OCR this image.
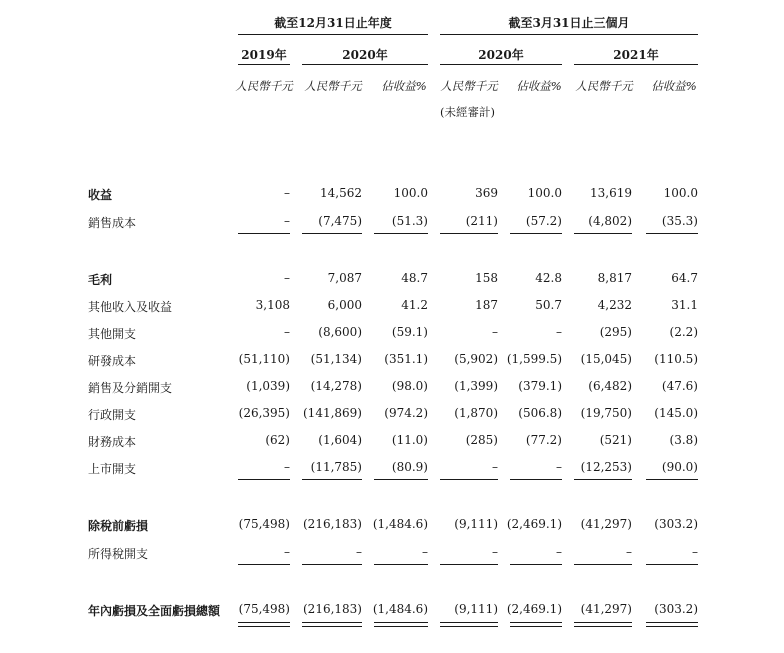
截至12月31日止年度	截至3月31日止三個月
2019年	2020年	2020年	2021年
人民幣千元 人民幣千元	佔收益%	人民幣千元	佔收益%	人民幣千元	佔收益%
(未經審計)
收益	–	14,562	100.0	369	100.0	13,619	100.0
銷售成本	–	(7,475)	(51.3)	(211)	(57.2)	(4,802)	(35.3)
毛利	–	7,087	48.7	158	42.8	8,817	64.7
其他收入及收益	3,108	6,000	41.2	187	50.7	4,232	31.1
其他開支	–	(8,600)	(59.1)	–	–	(295)	(2.2)
研發成本	(51,110)	(51,134)	(351.1)	(5,902) (1,599.5)	(15,045)	(110.5)
銷售及分銷開支	(1,039)	(14,278)	(98.0)	(1,399)	(379.1)	(6,482)	(47.6)
行政開支	(26,395)	(141,869)	(974.2)	(1,870)	(506.8)	(19,750)	(145.0)
財務成本	(62)	(1,604)	(11.0)	(285)	(77.2)	(521)	(3.8)
上市開支	–	(11,785)	(80.9)	–	–	(12,253)	(90.0)
除稅前虧損	(75,498)	(216,183) (1,484.6)	(9,111) (2,469.1)	(41,297)	(303.2)
所得稅開支	–	–	–	–	–	–	–
年內虧損及全面虧損總額	(75,498)	(216,183) (1,484.6)	(9,111) (2,469.1)	(41,297)	(303.2)
